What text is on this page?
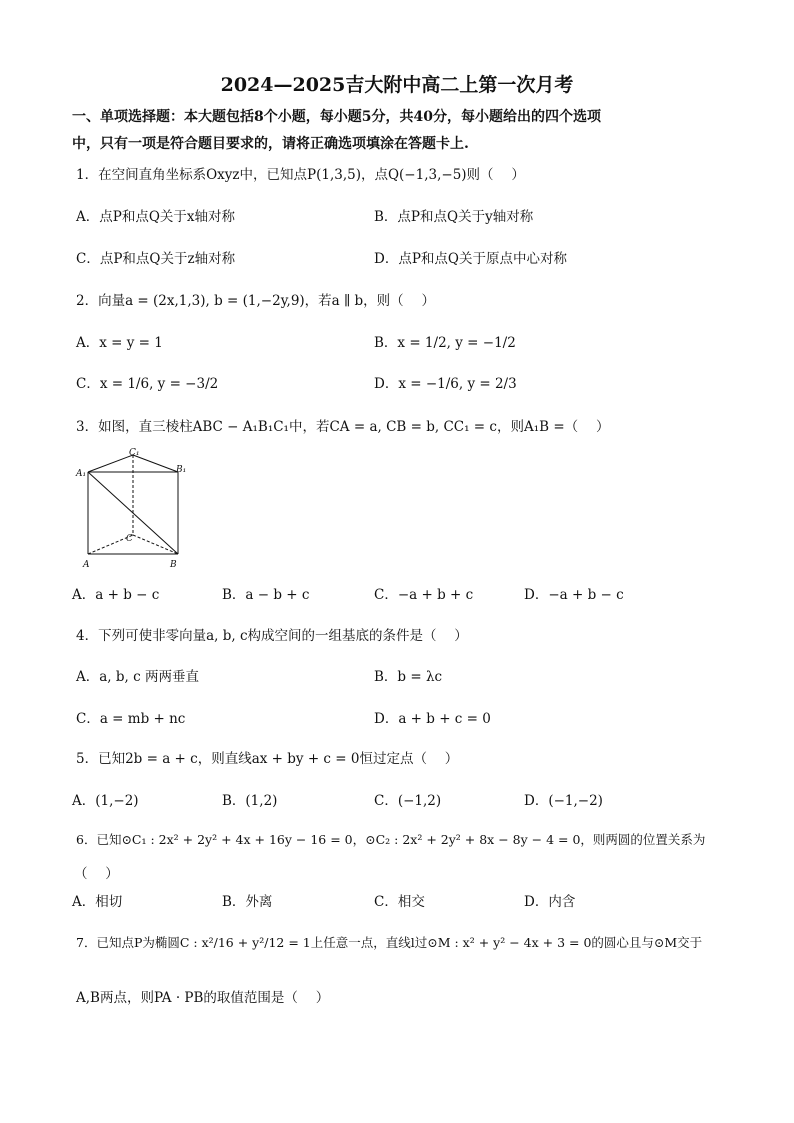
2024—2025吉大附中高二上第一次月考
一、单项选择题：本大题包括8个小题，每小题5分，共40分，每小题给出的四个选项
中，只有一项是符合题目要求的，请将正确选项填涂在答题卡上.
1．在空间直角坐标系Oxyz中，已知点P(1,3,5)，点Q(−1,3,−5)则（　 ）
A．点P和点Q关于x轴对称	B．点P和点Q关于y轴对称
C．点P和点Q关于z轴对称	D．点P和点Q关于原点中心对称
2．向量a = (2x,1,3), b = (1,−2y,9)，若a ∥ b，则（　 ）
A．x = y = 1	B．x = 1/2, y = −1/2
C．x = 1/6, y = −3/2	D．x = −1/6, y = 2/3
3．如图，直三棱柱ABC − A₁B₁C₁中，若CA = a, CB = b, CC₁ = c，则A₁B =（　 ）
A₁
C₁
B₁
A
C
B
A．a + b − c	B．a − b + c	C．−a + b + c	D．−a + b − c
4．下列可使非零向量a, b, c构成空间的一组基底的条件是（　 ）
A．a, b, c 两两垂直	B．b = λc
C．a = mb + nc	D．a + b + c = 0
5．已知2b = a + c，则直线ax + by + c = 0恒过定点（　 ）
A．(1,−2)	B．(1,2)	C．(−1,2)	D．(−1,−2)
6．已知⊙C₁ : 2x² + 2y² + 4x + 16y − 16 = 0，⊙C₂ : 2x² + 2y² + 8x − 8y − 4 = 0，则两圆的位置关系为
（　 ）
A．相切	B．外离	C．相交	D．内含
7．已知点P为椭圆C : x²/16 + y²/12 = 1上任意一点，直线l过⊙M : x² + y² − 4x + 3 = 0的圆心且与⊙M交于
A,B两点，则PA · PB的取值范围是（　 ）
